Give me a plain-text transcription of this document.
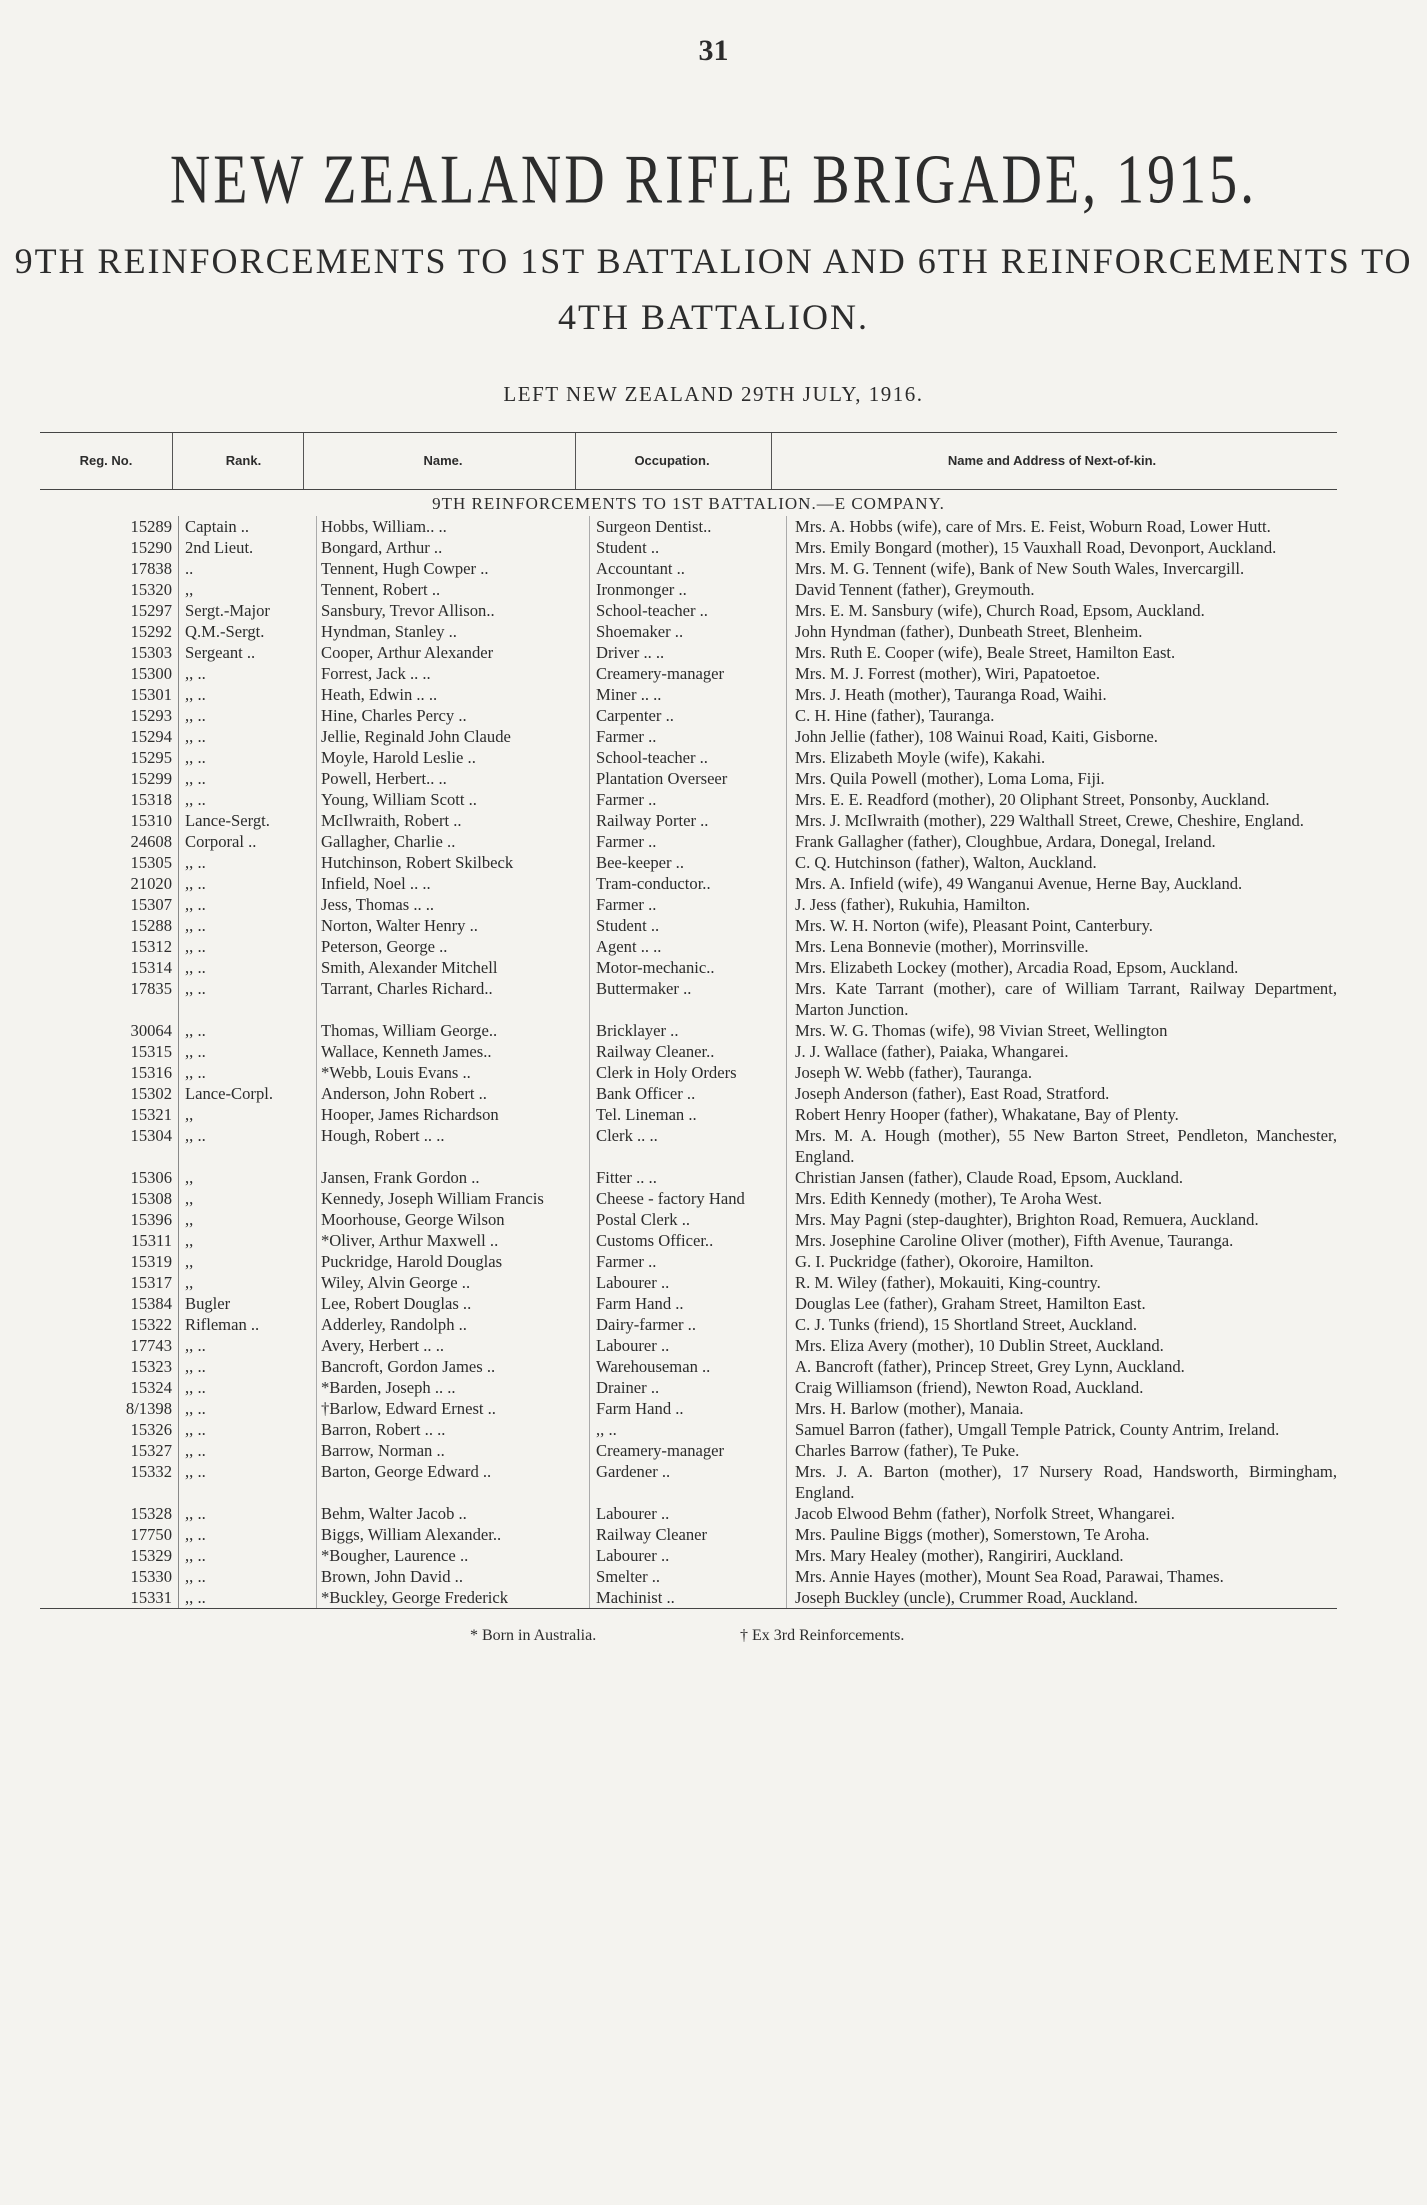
31
NEW ZEALAND RIFLE BRIGADE, 1915.
9TH REINFORCEMENTS TO 1ST BATTALION AND 6TH REINFORCEMENTS TO
4TH BATTALION.
LEFT NEW ZEALAND 29TH JULY, 1916.
Reg. No.	Rank.	Name.	Occupation.	Name and Address of Next-of-kin.
9TH REINFORCEMENTS TO 1ST BATTALION.—E COMPANY.
15289	Captain ..	Hobbs, William.. ..	Surgeon Dentist..	Mrs. A. Hobbs (wife), care of Mrs. E. Feist, Woburn Road, Lower Hutt.
15290	2nd Lieut.	Bongard, Arthur ..	Student ..	Mrs. Emily Bongard (mother), 15 Vauxhall Road, Devonport, Auckland.
17838	..	Tennent, Hugh Cowper ..	Accountant ..	Mrs. M. G. Tennent (wife), Bank of New South Wales, Invercargill.
15320	,,	Tennent, Robert ..	Ironmonger ..	David Tennent (father), Greymouth.
15297	Sergt.-Major	Sansbury, Trevor Allison..	School-teacher ..	Mrs. E. M. Sansbury (wife), Church Road, Epsom, Auckland.
15292	Q.M.-Sergt.	Hyndman, Stanley ..	Shoemaker ..	John Hyndman (father), Dunbeath Street, Blenheim.
15303	Sergeant ..	Cooper, Arthur Alexander	Driver .. ..	Mrs. Ruth E. Cooper (wife), Beale Street, Hamilton East.
15300	,, ..	Forrest, Jack .. ..	Creamery-manager	Mrs. M. J. Forrest (mother), Wiri, Papatoetoe.
15301	,, ..	Heath, Edwin .. ..	Miner .. ..	Mrs. J. Heath (mother), Tauranga Road, Waihi.
15293	,, ..	Hine, Charles Percy ..	Carpenter ..	C. H. Hine (father), Tauranga.
15294	,, ..	Jellie, Reginald John Claude	Farmer ..	John Jellie (father), 108 Wainui Road, Kaiti, Gisborne.
15295	,, ..	Moyle, Harold Leslie ..	School-teacher ..	Mrs. Elizabeth Moyle (wife), Kakahi.
15299	,, ..	Powell, Herbert.. ..	Plantation Overseer	Mrs. Quila Powell (mother), Loma Loma, Fiji.
15318	,, ..	Young, William Scott ..	Farmer ..	Mrs. E. E. Readford (mother), 20 Oliphant Street, Ponsonby, Auckland.
15310	Lance-Sergt.	McIlwraith, Robert ..	Railway Porter ..	Mrs. J. McIlwraith (mother), 229 Walthall Street, Crewe, Cheshire, England.
24608	Corporal ..	Gallagher, Charlie ..	Farmer ..	Frank Gallagher (father), Cloughbue, Ardara, Donegal, Ireland.
15305	,, ..	Hutchinson, Robert Skilbeck	Bee-keeper ..	C. Q. Hutchinson (father), Walton, Auckland.
21020	,, ..	Infield, Noel .. ..	Tram-conductor..	Mrs. A. Infield (wife), 49 Wanganui Avenue, Herne Bay, Auckland.
15307	,, ..	Jess, Thomas .. ..	Farmer ..	J. Jess (father), Rukuhia, Hamilton.
15288	,, ..	Norton, Walter Henry ..	Student ..	Mrs. W. H. Norton (wife), Pleasant Point, Canterbury.
15312	,, ..	Peterson, George ..	Agent .. ..	Mrs. Lena Bonnevie (mother), Morrinsville.
15314	,, ..	Smith, Alexander Mitchell	Motor-mechanic..	Mrs. Elizabeth Lockey (mother), Arcadia Road, Epsom, Auckland.
17835	,, ..	Tarrant, Charles Richard..	Buttermaker ..	Mrs. Kate Tarrant (mother), care of William Tarrant, Railway Department, Marton Junction.
30064	,, ..	Thomas, William George..	Bricklayer ..	Mrs. W. G. Thomas (wife), 98 Vivian Street, Wellington
15315	,, ..	Wallace, Kenneth James..	Railway Cleaner..	J. J. Wallace (father), Paiaka, Whangarei.
15316	,, ..	*Webb, Louis Evans ..	Clerk in Holy Orders	Joseph W. Webb (father), Tauranga.
15302	Lance-Corpl.	Anderson, John Robert ..	Bank Officer ..	Joseph Anderson (father), East Road, Stratford.
15321	,,	Hooper, James Richardson	Tel. Lineman ..	Robert Henry Hooper (father), Whakatane, Bay of Plenty.
15304	,, ..	Hough, Robert .. ..	Clerk .. ..	Mrs. M. A. Hough (mother), 55 New Barton Street, Pendleton, Manchester, England.
15306	,,	Jansen, Frank Gordon ..	Fitter .. ..	Christian Jansen (father), Claude Road, Epsom, Auckland.
15308	,,	Kennedy, Joseph William Francis	Cheese - factory Hand	Mrs. Edith Kennedy (mother), Te Aroha West.
15396	,,	Moorhouse, George Wilson	Postal Clerk ..	Mrs. May Pagni (step-daughter), Brighton Road, Remuera, Auckland.
15311	,,	*Oliver, Arthur Maxwell ..	Customs Officer..	Mrs. Josephine Caroline Oliver (mother), Fifth Avenue, Tauranga.
15319	,,	Puckridge, Harold Douglas	Farmer ..	G. I. Puckridge (father), Okoroire, Hamilton.
15317	,,	Wiley, Alvin George ..	Labourer ..	R. M. Wiley (father), Mokauiti, King-country.
15384	Bugler	Lee, Robert Douglas ..	Farm Hand ..	Douglas Lee (father), Graham Street, Hamilton East.
15322	Rifleman ..	Adderley, Randolph ..	Dairy-farmer ..	C. J. Tunks (friend), 15 Shortland Street, Auckland.
17743	,, ..	Avery, Herbert .. ..	Labourer ..	Mrs. Eliza Avery (mother), 10 Dublin Street, Auckland.
15323	,, ..	Bancroft, Gordon James ..	Warehouseman ..	A. Bancroft (father), Princep Street, Grey Lynn, Auckland.
15324	,, ..	*Barden, Joseph .. ..	Drainer ..	Craig Williamson (friend), Newton Road, Auckland.
8/1398	,, ..	†Barlow, Edward Ernest ..	Farm Hand ..	Mrs. H. Barlow (mother), Manaia.
15326	,, ..	Barron, Robert .. ..	,, ..	Samuel Barron (father), Umgall Temple Patrick, County Antrim, Ireland.
15327	,, ..	Barrow, Norman ..	Creamery-manager	Charles Barrow (father), Te Puke.
15332	,, ..	Barton, George Edward ..	Gardener ..	Mrs. J. A. Barton (mother), 17 Nursery Road, Handsworth, Birmingham, England.
15328	,, ..	Behm, Walter Jacob ..	Labourer ..	Jacob Elwood Behm (father), Norfolk Street, Whangarei.
17750	,, ..	Biggs, William Alexander..	Railway Cleaner	Mrs. Pauline Biggs (mother), Somerstown, Te Aroha.
15329	,, ..	*Bougher, Laurence ..	Labourer ..	Mrs. Mary Healey (mother), Rangiriri, Auckland.
15330	,, ..	Brown, John David ..	Smelter ..	Mrs. Annie Hayes (mother), Mount Sea Road, Parawai, Thames.
15331	,, ..	*Buckley, George Frederick	Machinist ..	Joseph Buckley (uncle), Crummer Road, Auckland.
* Born in Australia.	† Ex 3rd Reinforcements.
